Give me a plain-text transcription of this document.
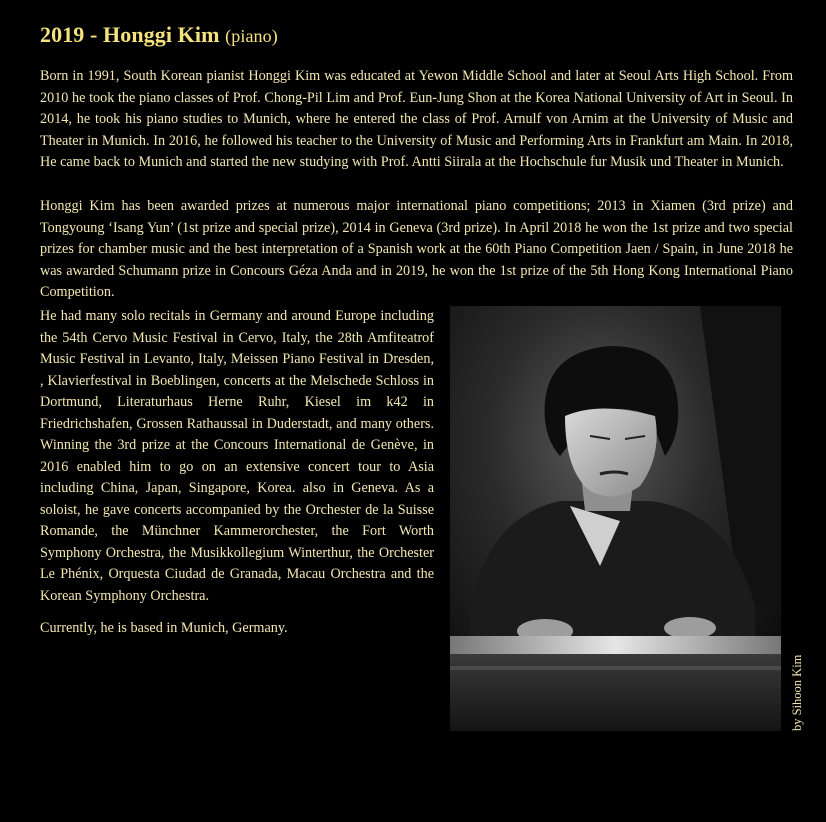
2019 - Honggi Kim (piano)

Born in 1991, South Korean pianist Honggi Kim was educated at Yewon Middle School and later at Seoul Arts High School. From 2010 he took the piano classes of Prof. Chong-Pil Lim and Prof. Eun-Jung Shon at the Korea National University of Art in Seoul. In 2014, he took his piano studies to Munich, where he entered the class of Prof. Arnulf von Arnim at the University of Music and Theater in Munich. In 2016, he followed his teacher to the University of Music and Performing Arts in Frankfurt am Main. In 2018, He came back to Munich and started the new studying with Prof. Antti Siirala at the Hochschule fur Musik und Theater in Munich.

Honggi Kim has been awarded prizes at numerous major international piano competitions; 2013 in Xiamen (3rd prize) and Tongyoung ‘Isang Yun’ (1st prize and special prize), 2014 in Geneva (3rd prize). In April 2018 he won the 1st prize and two special prizes for chamber music and the best interpretation of a Spanish work at the 60th Piano Competition Jaen / Spain, in June 2018 he was awarded Schumann prize in Concours Géza Anda and in 2019, he won the 1st prize of the 5th Hong Kong International Piano Competition.

He had many solo recitals in Germany and around Europe including the 54th Cervo Music Festival in Cervo, Italy, the 28th Amfiteatrof Music Festival in Levanto, Italy, Meissen Piano Festival in Dresden, , Klavierfestival in Boeblingen, concerts at the Melschede Schloss in Dortmund, Literaturhaus Herne Ruhr, Kiesel im k42 in Friedrichshafen, Grossen Rathaussal in Duderstadt, and many others. Winning the 3rd prize at the Concours International de Genève, in 2016 enabled him to go on an extensive concert tour to Asia including China, Japan, Singapore, Korea. also in Geneva. As a soloist, he gave concerts accompanied by the Orchester de la Suisse Romande, the Münchner Kammerorchester, the Fort Worth Symphony Orchestra, the Musikkollegium Winterthur, the Orchester Le Phénix, Orquesta Ciudad de Granada, Macau Orchestra and the Korean Symphony Orchestra.

Currently, he is based in Munich, Germany.

by Sihoon Kim
